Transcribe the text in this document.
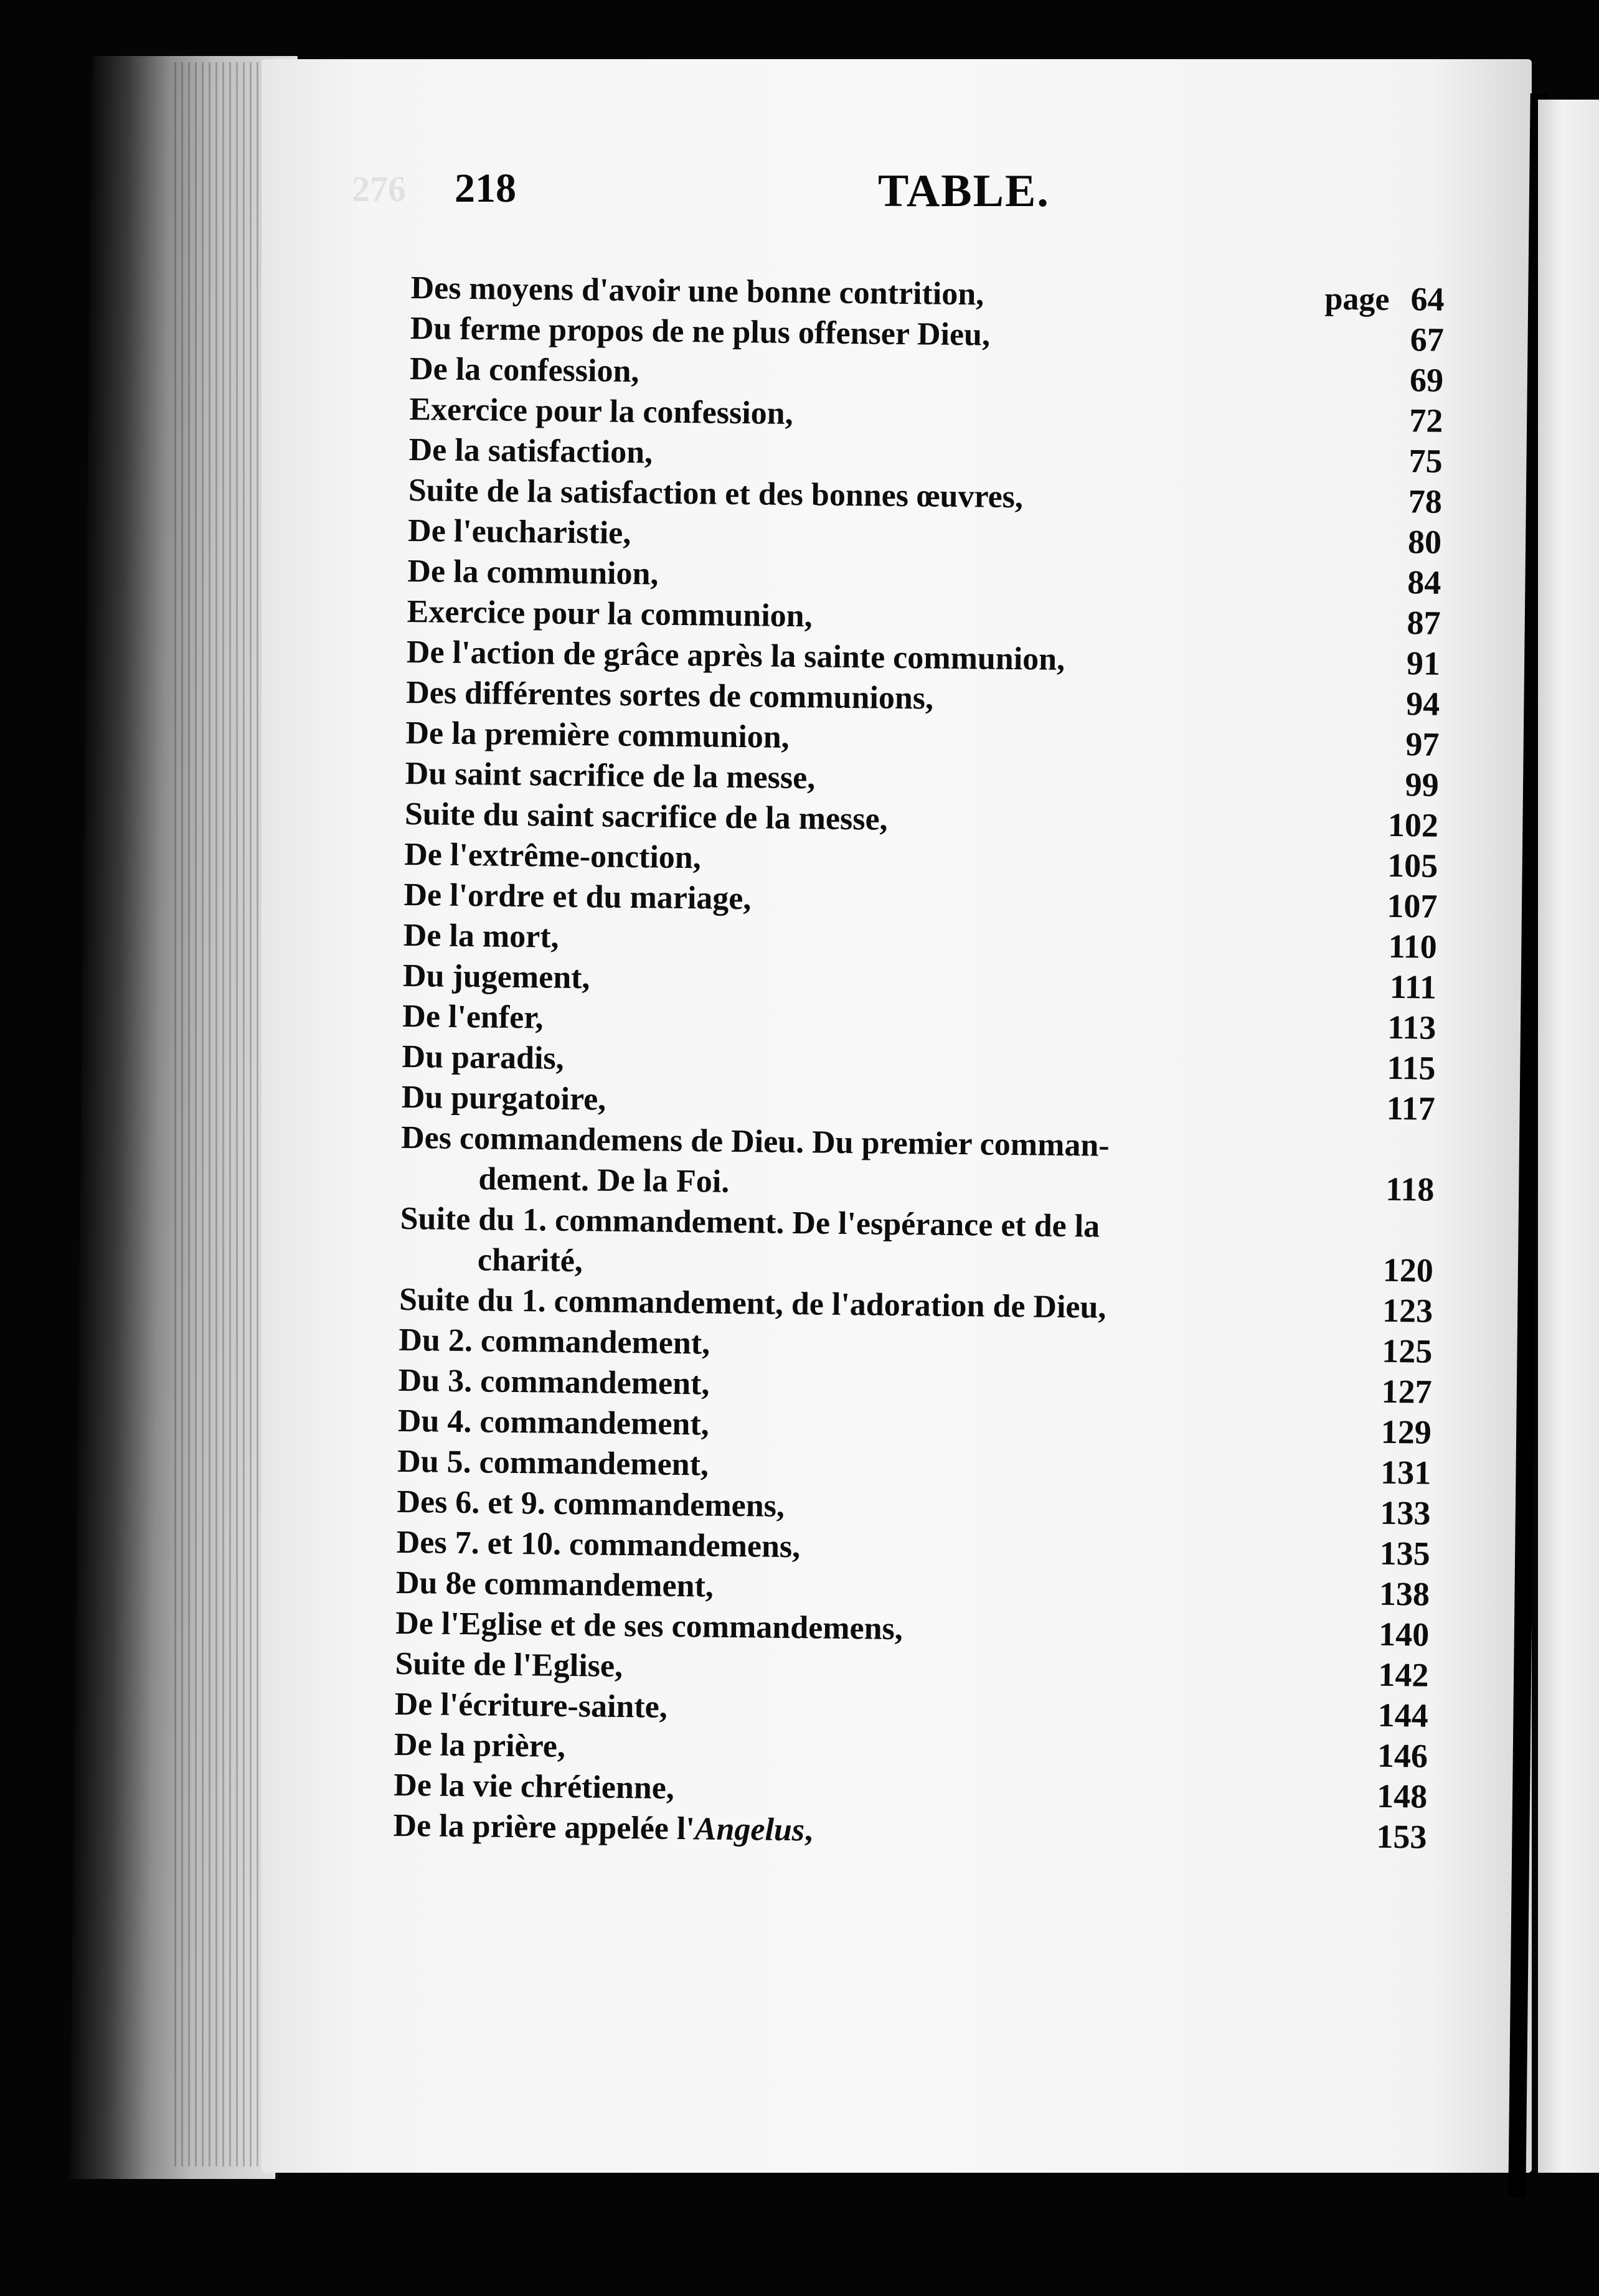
276 218	TABLE.
Des moyens d'avoir une bonne contrition,	page 64
Du ferme propos de ne plus offenser Dieu,	67
De la confession,	69
Exercice pour la confession,	72
De la satisfaction,	75
Suite de la satisfaction et des bonnes œuvres,	78
De l'eucharistie,	80
De la communion,	84
Exercice pour la communion,	87
De l'action de grâce après la sainte communion,	91
Des différentes sortes de communions,	94
De la première communion,	97
Du saint sacrifice de la messe,	99
Suite du saint sacrifice de la messe,	102
De l'extrême-onction,	105
De l'ordre et du mariage,	107
De la mort,	110
Du jugement,	111
De l'enfer,	113
Du paradis,	115
Du purgatoire,	117
Des commandemens de Dieu. Du premier comman-
dement. De la Foi.	118
Suite du 1. commandement. De l'espérance et de la
charité,	120
Suite du 1. commandement, de l'adoration de Dieu,	123
Du 2. commandement,	125
Du 3. commandement,	127
Du 4. commandement,	129
Du 5. commandement,	131
Des 6. et 9. commandemens,	133
Des 7. et 10. commandemens,	135
Du 8e commandement,	138
De l'Eglise et de ses commandemens,	140
Suite de l'Eglise,	142
De l'écriture-sainte,	144
De la prière,	146
De la vie chrétienne,	148
De la prière appelée l'Angelus,	153
